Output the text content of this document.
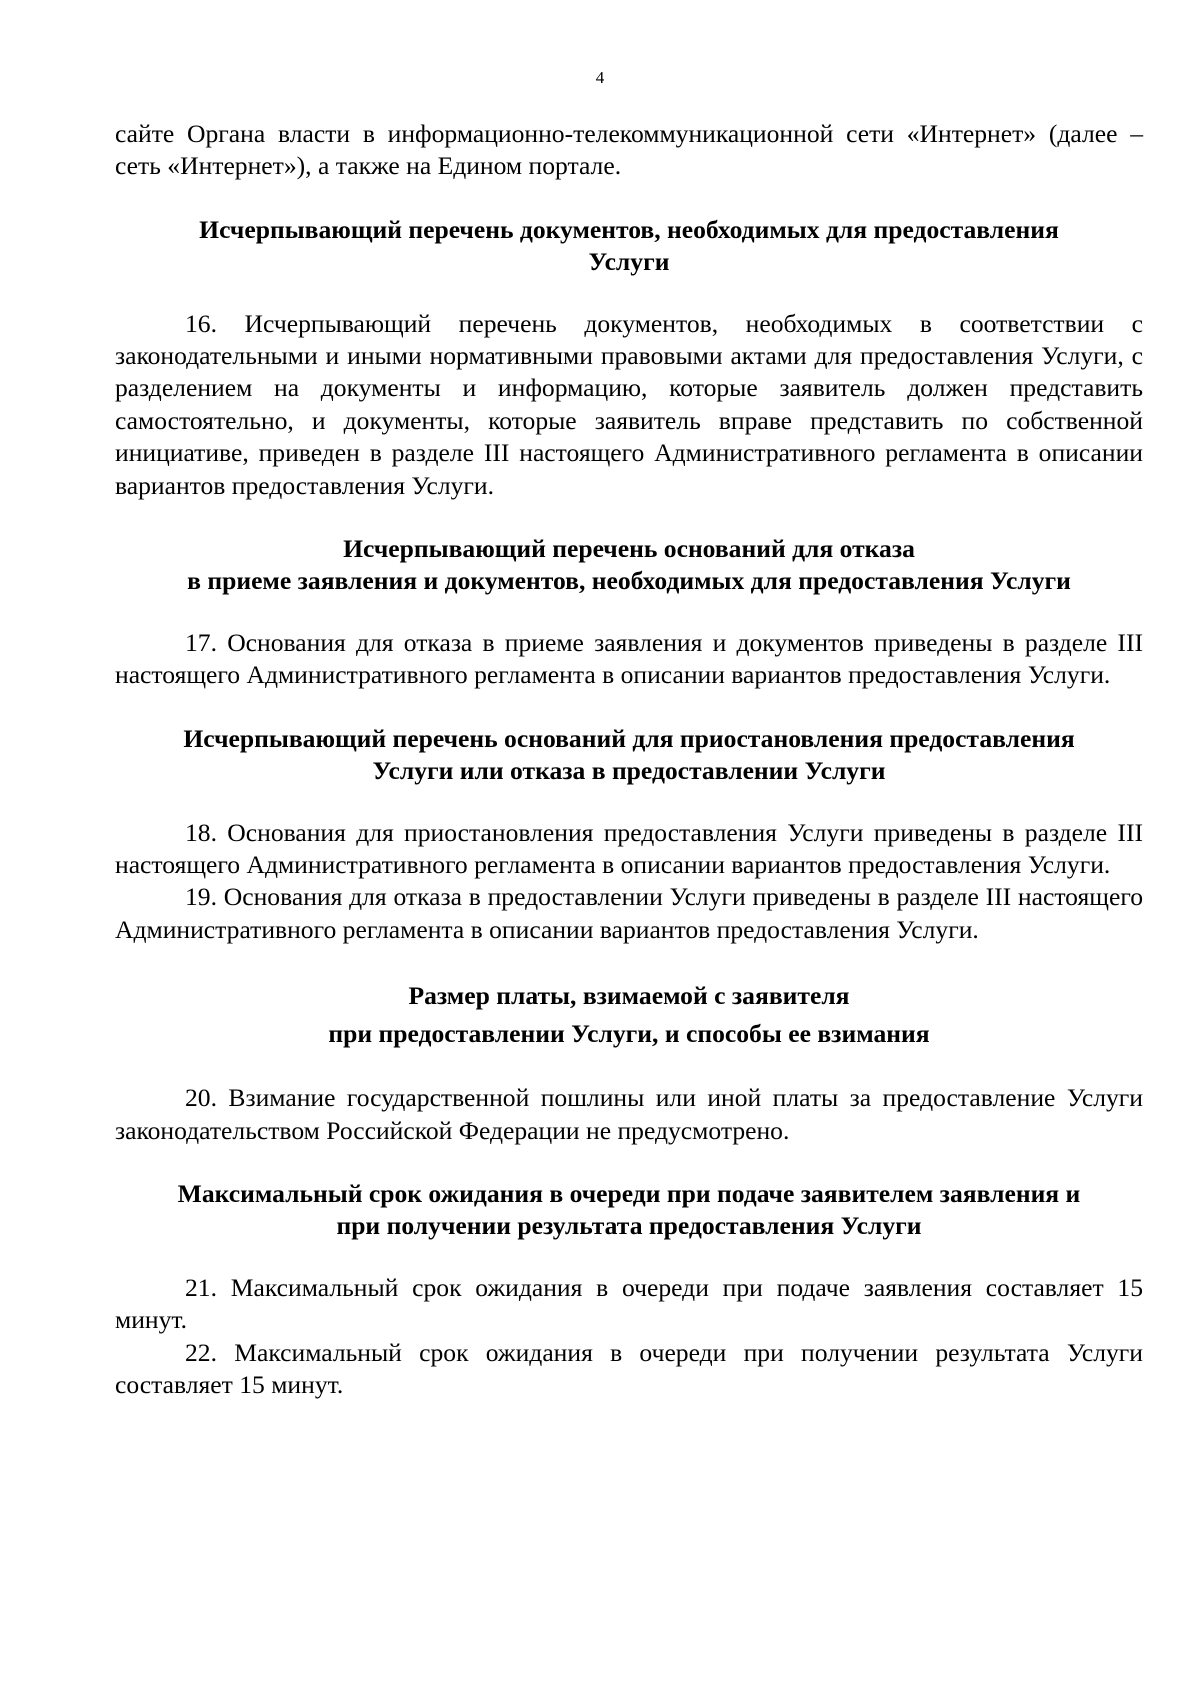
4

сайте Органа власти в информационно-телекоммуникационной сети «Интернет» (далее – сеть «Интернет»), а также на Едином портале.

Исчерпывающий перечень документов, необходимых для предоставления
Услуги

16. Исчерпывающий перечень документов, необходимых в соответствии с законодательными и иными нормативными правовыми актами для предоставления Услуги, с разделением на документы и информацию, которые заявитель должен представить самостоятельно, и документы, которые заявитель вправе представить по собственной инициативе, приведен в разделе III настоящего Административного регламента в описании вариантов предоставления Услуги.

Исчерпывающий перечень оснований для отказа
в приеме заявления и документов, необходимых для предоставления Услуги

17. Основания для отказа в приеме заявления и документов приведены в разделе III настоящего Административного регламента в описании вариантов предоставления Услуги.

Исчерпывающий перечень оснований для приостановления предоставления
Услуги или отказа в предоставлении Услуги

18. Основания для приостановления предоставления Услуги приведены в разделе III настоящего Административного регламента в описании вариантов предоставления Услуги.

19. Основания для отказа в предоставлении Услуги приведены в разделе III настоящего Административного регламента в описании вариантов предоставления Услуги.

Размер платы, взимаемой с заявителя
при предоставлении Услуги, и способы ее взимания

20. Взимание государственной пошлины или иной платы за предоставление Услуги законодательством Российской Федерации не предусмотрено.

Максимальный срок ожидания в очереди при подаче заявителем заявления и
при получении результата предоставления Услуги

21. Максимальный срок ожидания в очереди при подаче заявления составляет 15 минут.

22. Максимальный срок ожидания в очереди при получении результата Услуги составляет 15 минут.
